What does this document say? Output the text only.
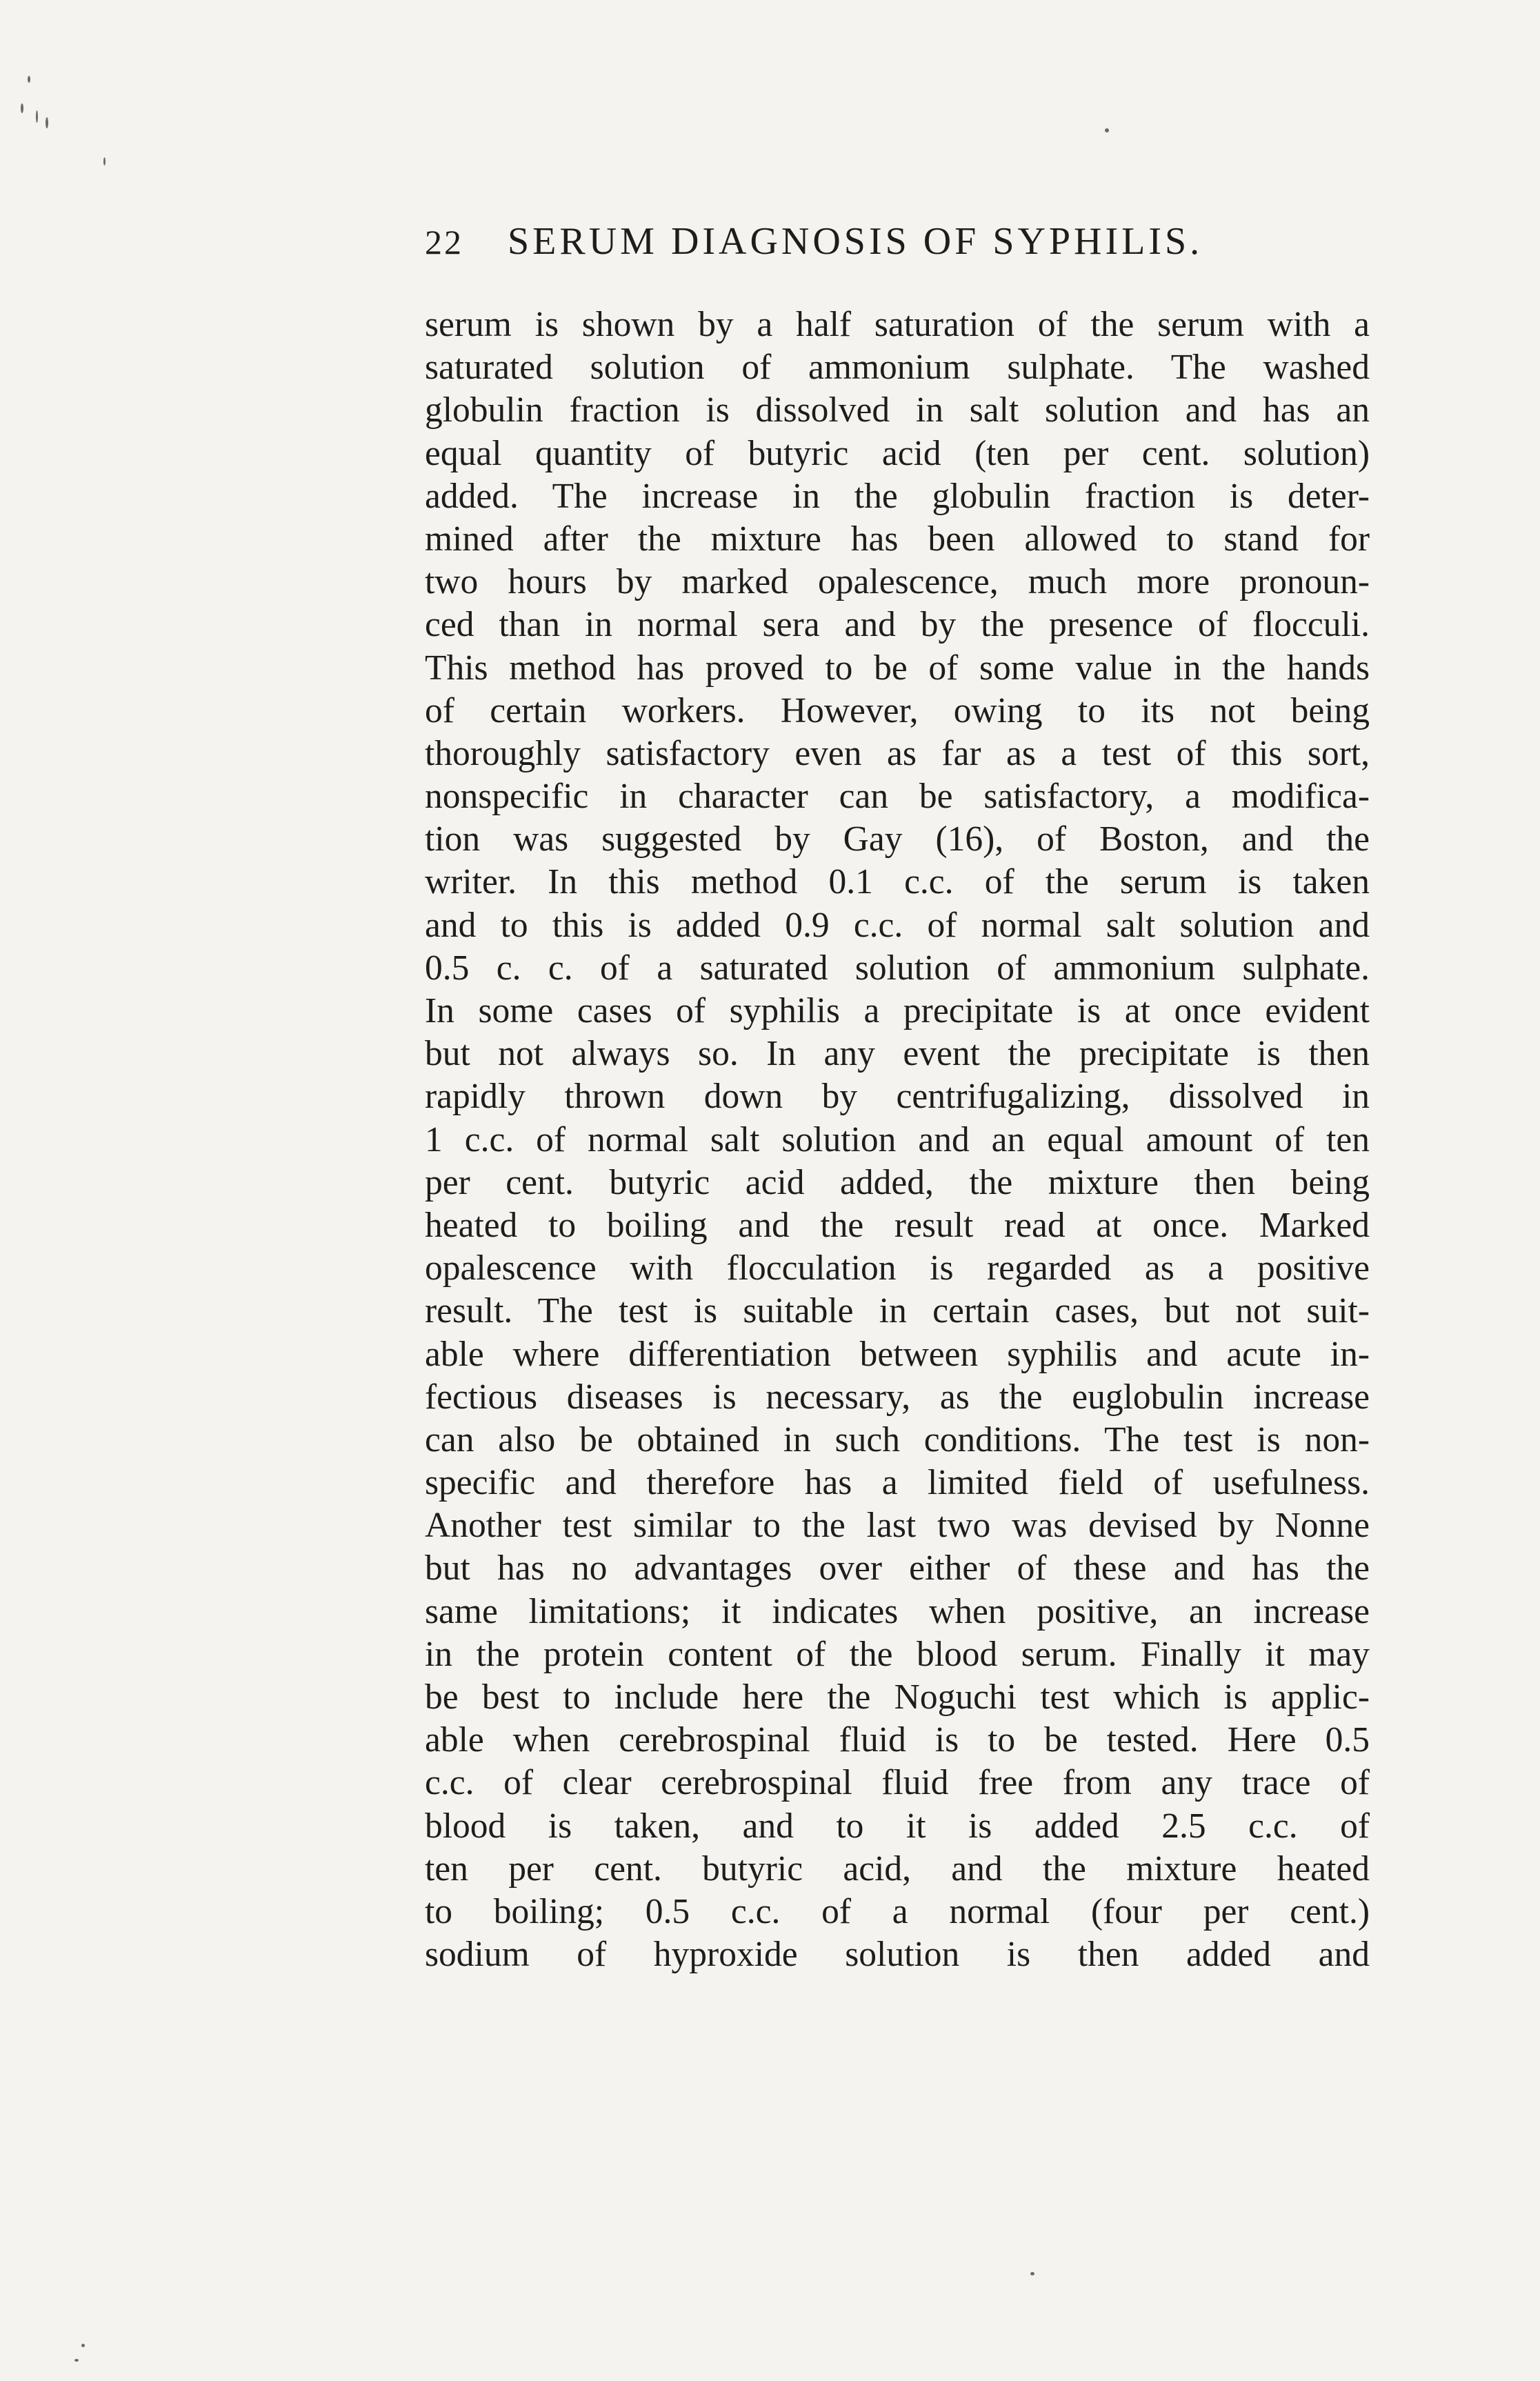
22	SERUM DIAGNOSIS OF SYPHILIS.
serum is shown by a half saturation of the serum with a
saturated solution of ammonium sulphate. The washed
globulin fraction is dissolved in salt solution and has an
equal quantity of butyric acid (ten per cent. solution)
added. The increase in the globulin fraction is deter-
mined after the mixture has been allowed to stand for
two hours by marked opalescence, much more pronoun-
ced than in normal sera and by the presence of flocculi.
This method has proved to be of some value in the hands
of certain workers. However, owing to its not being
thoroughly satisfactory even as far as a test of this sort,
nonspecific in character can be satisfactory, a modifica-
tion was suggested by Gay (16), of Boston, and the
writer. In this method 0.1 c.c. of the serum is taken
and to this is added 0.9 c.c. of normal salt solution and
0.5 c. c. of a saturated solution of ammonium sulphate.
In some cases of syphilis a precipitate is at once evident
but not always so. In any event the precipitate is then
rapidly thrown down by centrifugalizing, dissolved in
1 c.c. of normal salt solution and an equal amount of ten
per cent. butyric acid added, the mixture then being
heated to boiling and the result read at once. Marked
opalescence with flocculation is regarded as a positive
result. The test is suitable in certain cases, but not suit-
able where differentiation between syphilis and acute in-
fectious diseases is necessary, as the euglobulin increase
can also be obtained in such conditions. The test is non-
specific and therefore has a limited field of usefulness.
Another test similar to the last two was devised by Nonne
but has no advantages over either of these and has the
same limitations; it indicates when positive, an increase
in the protein content of the blood serum. Finally it may
be best to include here the Noguchi test which is applic-
able when cerebrospinal fluid is to be tested. Here 0.5
c.c. of clear cerebrospinal fluid free from any trace of
blood is taken, and to it is added 2.5 c.c. of
ten per cent. butyric acid, and the mixture heated
to boiling; 0.5 c.c. of a normal (four per cent.)
sodium of hyproxide solution is then added and
